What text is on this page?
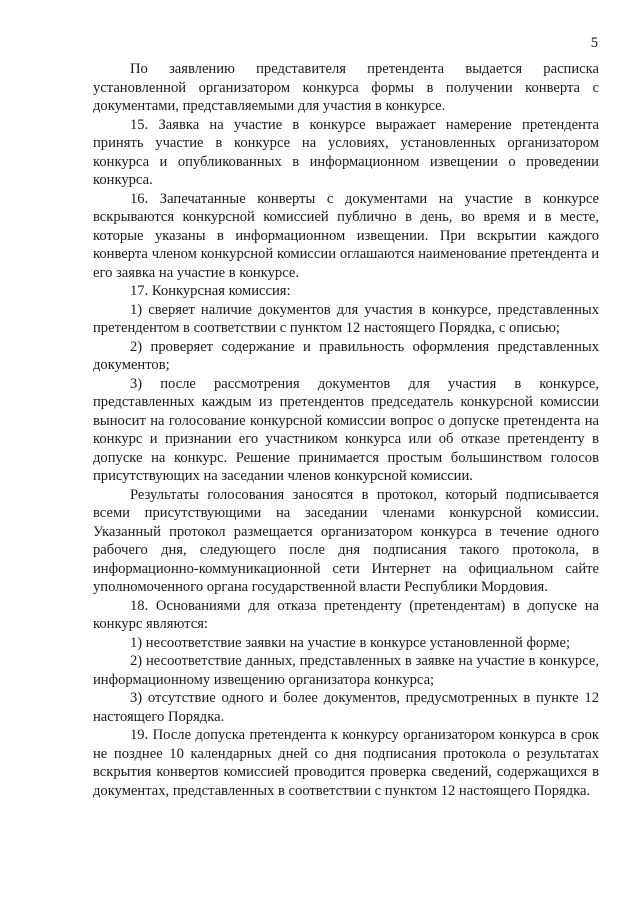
5

По заявлению представителя претендента выдается расписка установленной организатором конкурса формы в получении конверта с документами, представляемыми для участия в конкурсе.

15. Заявка на участие в конкурсе выражает намерение претендента принять участие в конкурсе на условиях, установленных организатором конкурса и опубликованных в информационном извещении о проведении конкурса.

16. Запечатанные конверты с документами на участие в конкурсе вскрываются конкурсной комиссией публично в день, во время и в месте, которые указаны в информационном извещении. При вскрытии каждого конверта членом конкурсной комиссии оглашаются наименование претендента и его заявка на участие в конкурсе.

17. Конкурсная комиссия:

1) сверяет наличие документов для участия в конкурсе, представленных претендентом в соответствии с пунктом 12 настоящего Порядка, с описью;

2) проверяет содержание и правильность оформления представленных документов;

3) после рассмотрения документов для участия в конкурсе, представленных каждым из претендентов председатель конкурсной комиссии выносит на голосование конкурсной комиссии вопрос о допуске претендента на конкурс и признании его участником конкурса или об отказе претенденту в допуске на конкурс. Решение принимается простым большинством голосов присутствующих на заседании членов конкурсной комиссии.

Результаты голосования заносятся в протокол, который подписывается всеми присутствующими на заседании членами конкурсной комиссии. Указанный протокол размещается организатором конкурса в течение одного рабочего дня, следующего после дня подписания такого протокола, в информационно-коммуникационной сети Интернет на официальном сайте уполномоченного органа государственной власти Республики Мордовия.

18. Основаниями для отказа претенденту (претендентам) в допуске на конкурс являются:

1) несоответствие заявки на участие в конкурсе установленной форме;

2) несоответствие данных, представленных в заявке на участие в конкурсе, информационному извещению организатора конкурса;

3) отсутствие одного и более документов, предусмотренных в пункте 12 настоящего Порядка.

19. После допуска претендента к конкурсу организатором конкурса в срок не позднее 10 календарных дней со дня подписания протокола о результатах вскрытия конвертов комиссией проводится проверка сведений, содержащихся в документах, представленных в соответствии с пунктом 12 настоящего Порядка.
